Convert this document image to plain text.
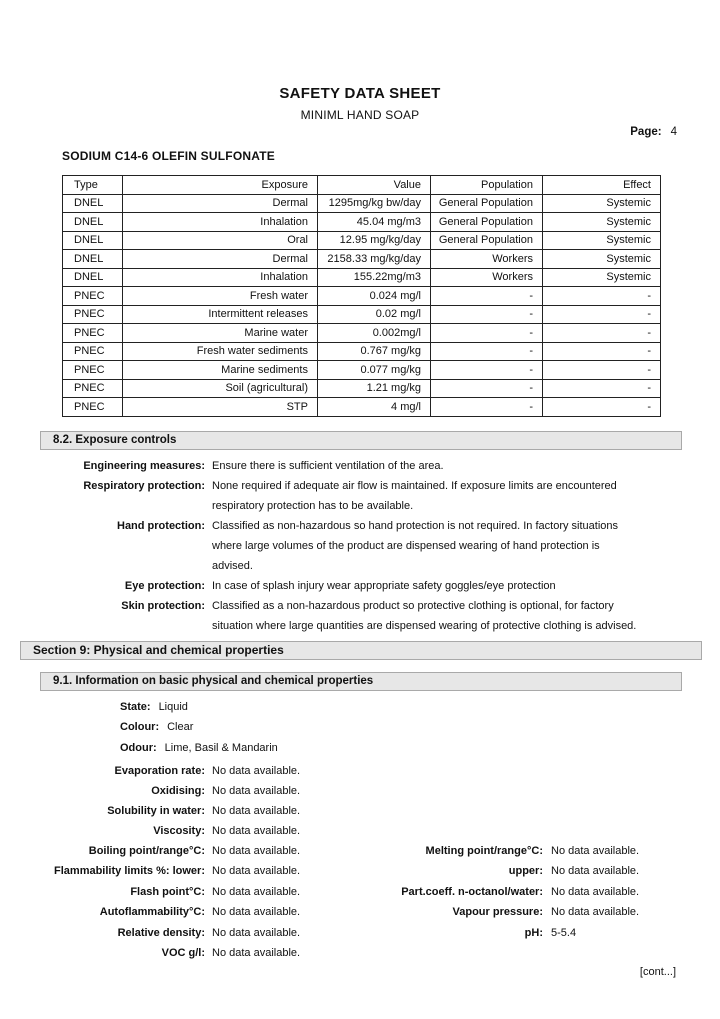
SAFETY DATA SHEET
MINIML HAND SOAP
Page: 4
SODIUM C14-6 OLEFIN SULFONATE
Type	Exposure	Value	Population	Effect
DNEL	Dermal	1295mg/kg bw/day	General Population	Systemic
DNEL	Inhalation	45.04 mg/m3	General Population	Systemic
DNEL	Oral	12.95 mg/kg/day	General Population	Systemic
DNEL	Dermal	2158.33 mg/kg/day	Workers	Systemic
DNEL	Inhalation	155.22mg/m3	Workers	Systemic
PNEC	Fresh water	0.024 mg/l	-	-
PNEC	Intermittent releases	0.02 mg/l	-	-
PNEC	Marine water	0.002mg/l	-	-
PNEC	Fresh water sediments	0.767 mg/kg	-	-
PNEC	Marine sediments	0.077 mg/kg	-	-
PNEC	Soil (agricultural)	1.21 mg/kg	-	-
PNEC	STP	4 mg/l	-	-
8.2. Exposure controls
Engineering measures: Ensure there is sufficient ventilation of the area.
Respiratory protection: None required if adequate air flow is maintained. If exposure limits are encountered
respiratory protection has to be available.
Hand protection: Classified as non-hazardous so hand protection is not required. In factory situations
where large volumes of the product are dispensed wearing of hand protection is
advised.
Eye protection: In case of splash injury wear appropriate safety goggles/eye protection
Skin protection: Classified as a non-hazardous product so protective clothing is optional, for factory
situation where large quantities are dispensed wearing of protective clothing is advised.
Section 9: Physical and chemical properties
9.1. Information on basic physical and chemical properties
State: Liquid
Colour: Clear
Odour: Lime, Basil & Mandarin
Evaporation rate: No data available.
Oxidising: No data available.
Solubility in water: No data available.
Viscosity: No data available.
Boiling point/range°C: No data available.	Melting point/range°C: No data available.
Flammability limits %: lower: No data available.	upper: No data available.
Flash point°C: No data available.	Part.coeff. n-octanol/water: No data available.
Autoflammability°C: No data available.	Vapour pressure: No data available.
Relative density: No data available.	pH: 5-5.4
VOC g/l: No data available.
[cont...]
